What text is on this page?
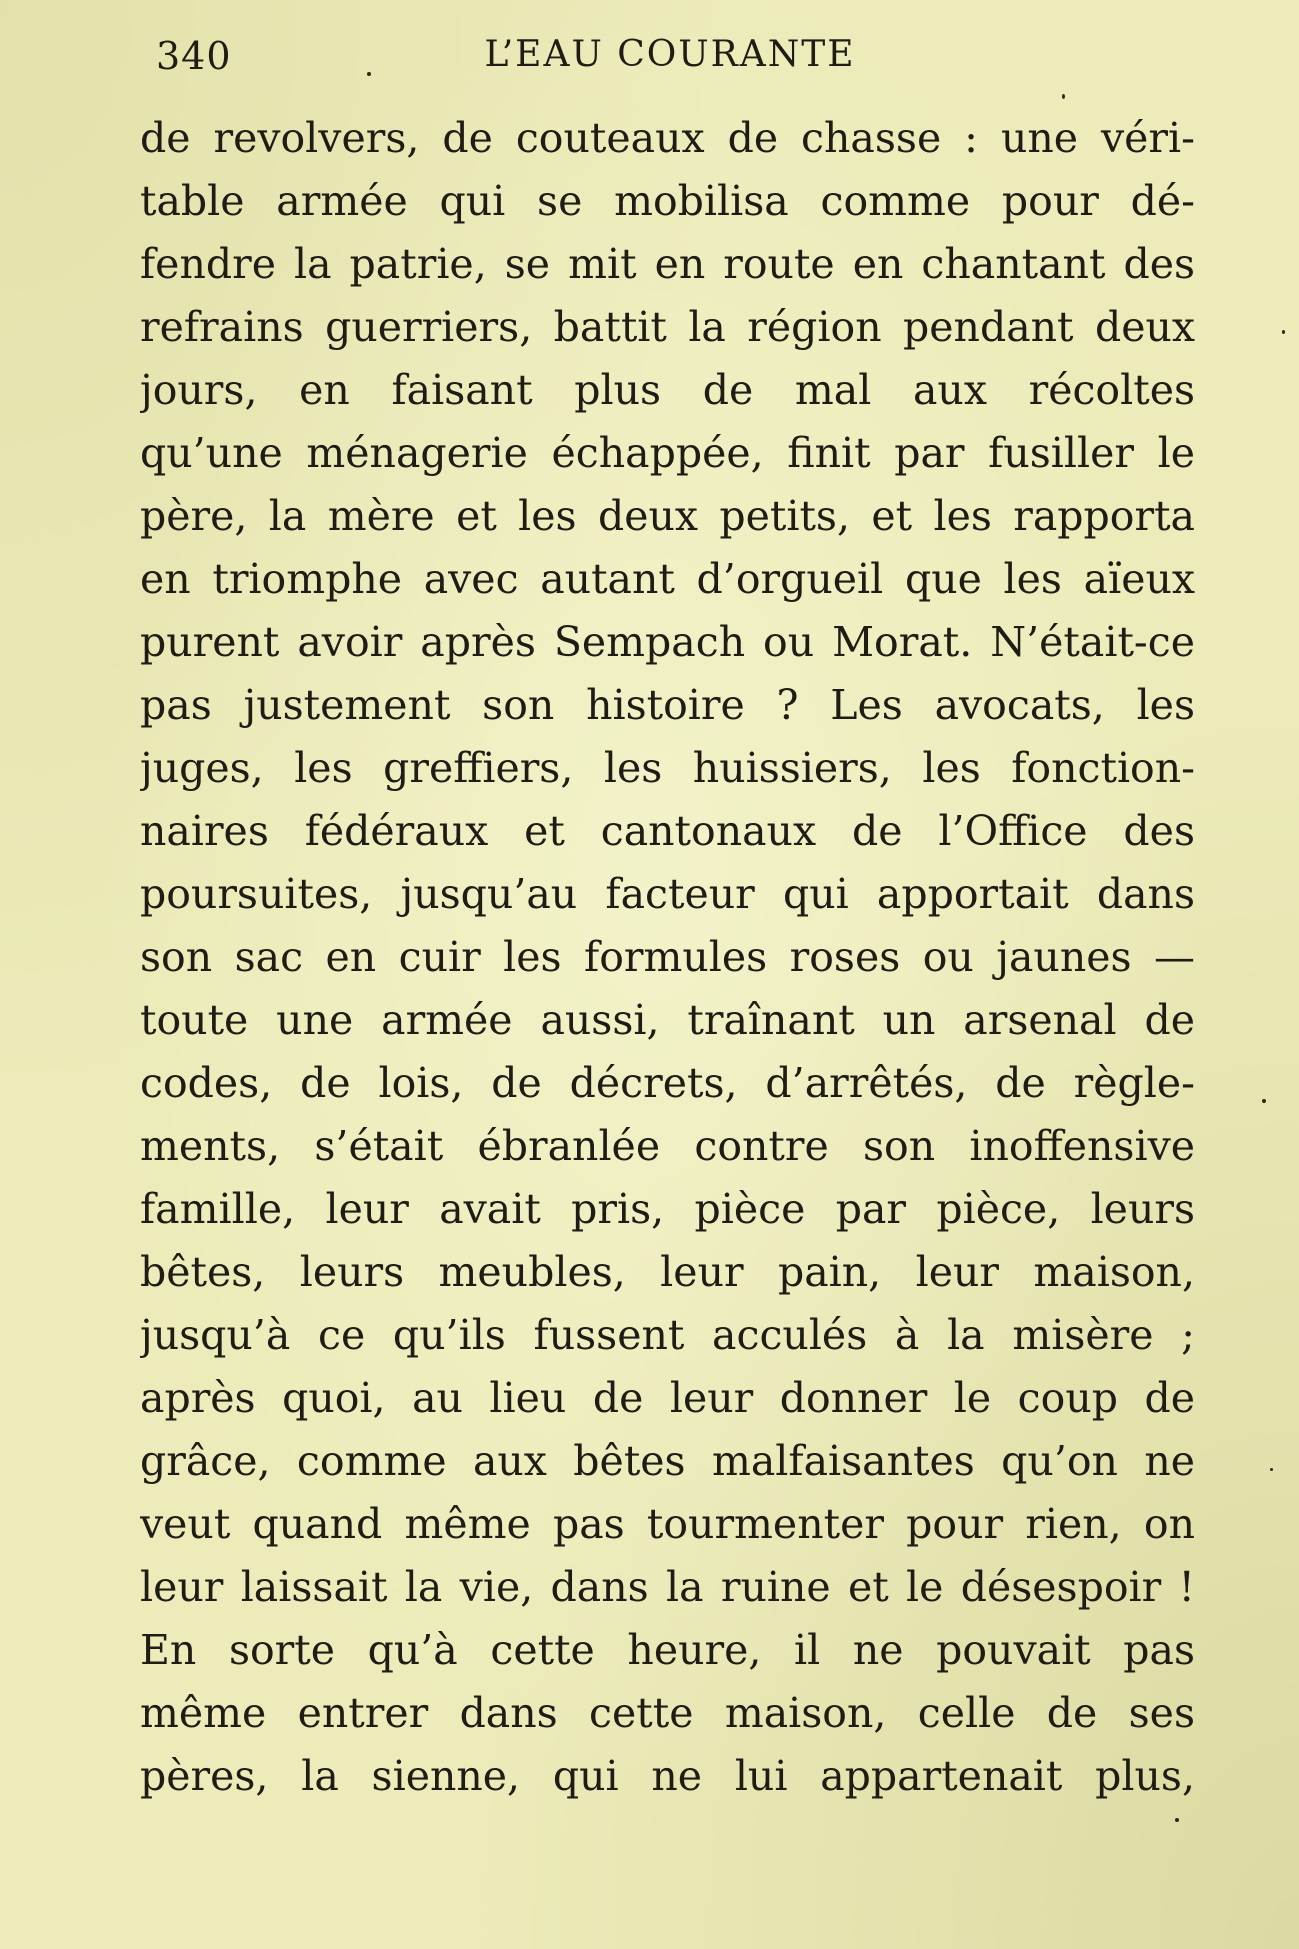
340	L’EAU COURANTE
de revolvers, de couteaux de chasse : une véri-
table armée qui se mobilisa comme pour dé-
fendre la patrie, se mit en route en chantant des
refrains guerriers, battit la région pendant deux
jours, en faisant plus de mal aux récoltes
qu’une ménagerie échappée, finit par fusiller le
père, la mère et les deux petits, et les rapporta
en triomphe avec autant d’orgueil que les aïeux
purent avoir après Sempach ou Morat. N’était-ce
pas justement son histoire ? Les avocats, les
juges, les greffiers, les huissiers, les fonction-
naires fédéraux et cantonaux de l’Office des
poursuites, jusqu’au facteur qui apportait dans
son sac en cuir les formules roses ou jaunes —
toute une armée aussi, traînant un arsenal de
codes, de lois, de décrets, d’arrêtés, de règle-
ments, s’était ébranlée contre son inoffensive
famille, leur avait pris, pièce par pièce, leurs
bêtes, leurs meubles, leur pain, leur maison,
jusqu’à ce qu’ils fussent acculés à la misère ;
après quoi, au lieu de leur donner le coup de
grâce, comme aux bêtes malfaisantes qu’on ne
veut quand même pas tourmenter pour rien, on
leur laissait la vie, dans la ruine et le désespoir !
En sorte qu’à cette heure, il ne pouvait pas
même entrer dans cette maison, celle de ses
pères, la sienne, qui ne lui appartenait plus,
